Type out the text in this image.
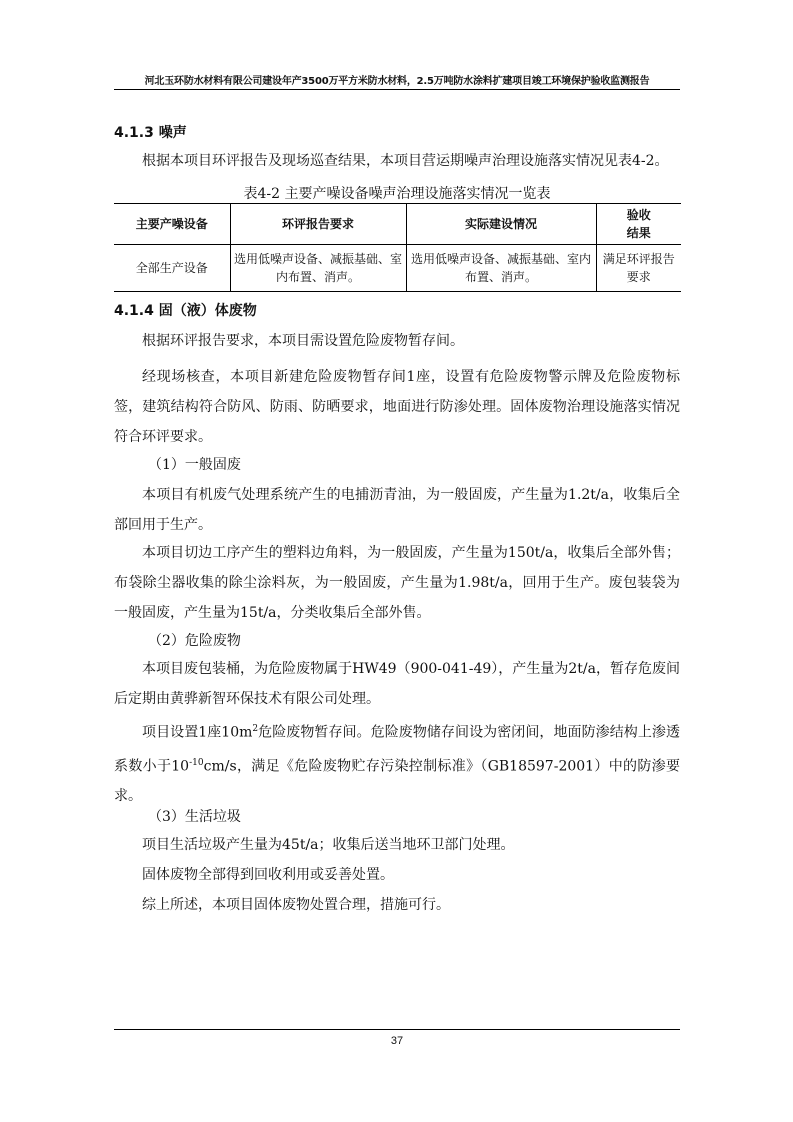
河北玉环防水材料有限公司建设年产3500万平方米防水材料，2.5万吨防水涂料扩建项目竣工环境保护验收监测报告
4.1.3 噪声
根据本项目环评报告及现场巡查结果，本项目营运期噪声治理设施落实情况见表4-2。
表4-2 主要产噪设备噪声治理设施落实情况一览表
主要产噪设备	环评报告要求	实际建设情况	验收
结果
全部生产设备	选用低噪声设备、减振基础、室内布置、消声。	选用低噪声设备、减振基础、室内布置、消声。	满足环评报告要求
4.1.4 固（液）体废物
根据环评报告要求，本项目需设置危险废物暂存间。
经现场核查，本项目新建危险废物暂存间1座，设置有危险废物警示牌及危险废物标签，建筑结构符合防风、防雨、防晒要求，地面进行防渗处理。固体废物治理设施落实情况符合环评要求。
（1）一般固废
本项目有机废气处理系统产生的电捕沥青油，为一般固废，产生量为1.2t/a，收集后全部回用于生产。
本项目切边工序产生的塑料边角料，为一般固废，产生量为150t/a，收集后全部外售；布袋除尘器收集的除尘涂料灰，为一般固废，产生量为1.98t/a，回用于生产。废包装袋为一般固废，产生量为15t/a，分类收集后全部外售。
（2）危险废物
本项目废包装桶，为危险废物属于HW49（900-041-49），产生量为2t/a，暂存危废间后定期由黄骅新智环保技术有限公司处理。
项目设置1座$10m^2$危险废物暂存间。危险废物储存间设为密闭间，地面防渗结构上渗透系数小于$10^{-10}cm/s$，满足《危险废物贮存污染控制标准》（GB18597-2001）中的防渗要求。
（3）生活垃圾
项目生活垃圾产生量为45t/a；收集后送当地环卫部门处理。
固体废物全部得到回收利用或妥善处置。
综上所述，本项目固体废物处置合理，措施可行。
37
